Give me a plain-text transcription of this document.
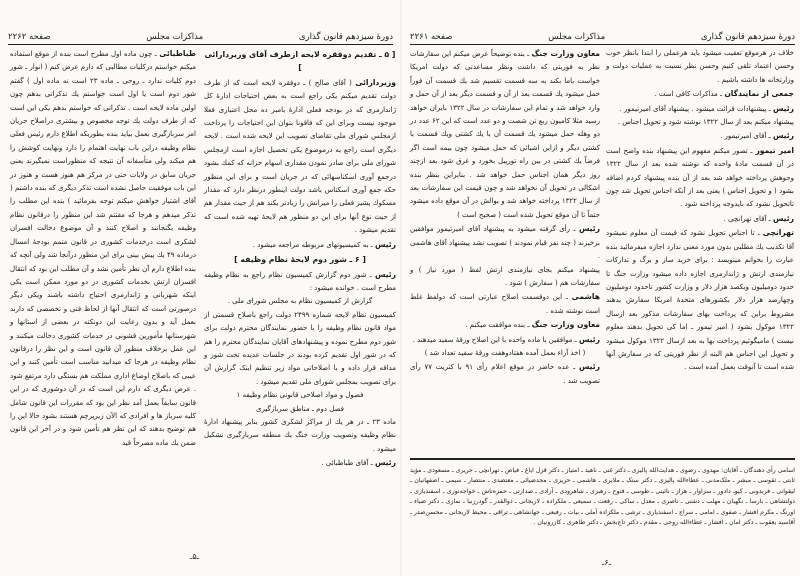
دورهٔ سیزدهم قانون گذاری
مذاکرات مجلس
صفحه ۲۲۶۲

[ ۵ ـ تقدیم دوفقره لایحه ازطرف آقای وزیردارائی ]

وزیردارائی ( آقای صالح ) ـ دوفقره لایحه است که از طرف دولت تقدیم میکنم یکی راجع است به بعض احتیاجات ادارهٔ کل ژاندارمری که در بودجه فعلی ادارهٔ بامبر ده محل اعتباری فعلا موجود نیست وبرای این که فاقونا بتوان این احتیاجات را پرداخت ازمجلس شورای ملی تقاضای تصویب این لایحه شده است . لایحه دیگری است راجع به درموضوع یکی تحصیل اجازه است ازمجلس شورای ملی برای صادر نمودن مقداری اسهام خزانه که کمك بشود درجمع آوری اسکناسهائی که در جریان است و برای این منظور حکه جمع آوری اسکناس باشد دولت اینطور درنظر دارد که مقدار مسکوك پشیز فعلی را میزانش را زیادتر بکند هم از حیث مقدار هم از حیث نوع آنها برای این دو منظور هم لایحهٔ تهیه شده است که تقدیم میشود .

رئیس ـ به کمیسیونهای مربوطه مراجعه میشود .

[ ۶ ـ شور دوم لایحهٔ نظام وظیفه ]

رئیس ـ شور دوم گزارش کمیسیون نظام راجع به نظام وظیفه مطرح است . خوانده میشود :

گزارش از کمیسیون نظام به مجلس شورای ملی .

کمیسیون نظام لایحه شماره ۲۴۹۹ دولت راجع باصلاح قسمتی از مواد قانون نظام وظیفه را با حضور نمایندگان محترم دولت برای شور دوم مطرح نموده و پیشنهادهای آقایان نمایندگان محترم را هم که در شور اول تقدیم کرده بودند در جلسات عدیده تحت شور و مداقه قرار داده و با اصلاحاتی مواد زیر تنظیم اینک گزارش آن برای تصویب بمجلس شورای ملی تقدیم میشود .

فصول و مواد اصلاحی قانونی نظام وظیفه ۱

فصل دوم ـ مناطق سربازگیری

ماده ۲۳ ـ در هر یك از مراکز لشکری کشور بنابر پیشنهاد ادارهٔ نظام وظیفه وتصویب وزارت جنگ یك منطقه سربازگیری تشکیل میشود .

رئیس ـ آقای طباطبائی .

طباطبائی ـ چون ماده اول مطرح است بنده از موقع استفاده میکنم خواستم درکلیات مطالبی که دارم عرض کنم ( انوار ـ شور دوم کلیات ندارد ـ روحی ـ ماده ۲۳ است نه ماده اول ) گفتم شور دوم است یا اول است خواستم یك تذکراتی بدهم چون اولین ماده لایحه است . تذکراتی که خواستم بدهم یکی این است که از طرف دولت یك توجه مخصوص و بیشتری دراصلاح جریان امر سربازگیری بعمل بیاید بنده بطوریکه اطلاع دارم رئیس فعلی نظام وظیفه دراین باب نهایت اهتمام را دارد ونهایت کوشش را هم میکند ولی متأسفانه آن نتیجه که منظوراست نمیگیرند یعنی جریان سابق در ولایات حتی در مرکز هم هنوز هست و هنوز در این باب موفقیت حاصل نشده است تذکر دیگری که بنده داشتم ( آقای اشتیار خواهش میکنم توجه بفرمائید ) بنده این مطلب را تذکر میدهم و هرجا که مفتتم شد این منظور را درقانون نظام وظیفه بگنجانند و اصلاح کنند و آن موضوع دخالت افسران لشکری است درخدمات کشوری در قانون متمم بودجهٔ امسال درماده ۴۹ یك پیش بینی برای این منظور درآنجا شد ولی آنچه که بنده اطلاع دارم آن نظر تأمین نشد و آن مطلب این بود که انتقال افسران ارتش بخدمات کشوری در دو مورد ممکن است یکی اینکه شهربانی و ژاندارمری احتیاج داشته باشند ویکی دیگر درصورتی است که انتقال آنها از لحاظ فنی و تخصصی که دارند بعمل آید و بدون رعایت این دونکته در بعضی از استانها و شهرستانها مأمورین قشونی در خدمات کشوری دخالت میکنند و این عمل برخلاف منظور آن قانون است و این نظر را درقانون نظام وظیفه در هرجا که میدانید مناسب است تأمین کنند و این عیبی که باصلاح اوضاع اداری مملکت هم بستگی دارد مرتفع شود . عرض دیگری که دارم این است که در آن دوشوری که در این قانون سابقاً بعمل آمد نظر این بود که مقررات این قانون شامل کلیه سرباز ها و افرادی که الآن زیرپرچم هستند بشود حالا این را هم توضیح بدهند که این نظر هم تأمین شود و در آخر این قانون ضمن یك ماده مصرحاً قید

ـ۵ـ
دورهٔ سیزدهم قانون گذاری
مذاکرات مجلس
صفحه ۲۲۶۱

خلاف در هرموقع تعقیب میشود باید هرعملی را ابتدا بانظر خوب وحسن اعتماد تلقی کنیم وحسن نظر نسبت به عملیات دولت و وزارتخانه ها داشته باشیم .

جمعی از نمایندگان ـ مذاکرات کافی است .

رئیس ـ پیشنهادات قرائت میشود . پیشنهاد آقای امیرتیمور .

پیشنهاد میکنم بعد از سال ۱۳۲۲ نوشته شود و تحویل اجناس .

رئیس ـ آقای امیرتیمور .

امیر تیمور ـ تصور میکنم مفهوم این پیشنهاد بنده واضح است در آن قسمت مادهٔ واحده که نوشته شده بعد از سال ۱۳۲۲ وجوهش پرداخته خواهد شد بعد از آن بنده پیشنهاد کردم اضافه بشود ( و تحویل اجناس ) یعنی بعد از آنکه اجناس تحویل شد چون تاتحویل نشود که بایدوجه پرداخته شود .

رئیس ـ آقای تهرانچی .

تهرانچی ـ تا اجناس تحویل نشود که قیمت آن معلوم نمیشود آقا تکذیب یك مطلبی بدون مورد معنی ندارد اجازه میفرمائید بنده عبارت را بخوانم مینویسد : برای خرید ساز و برگ و تدارکات نیازمندی ارتش و ژاندارمری اجازه داده میشود وزارت جنگ تا حدود دومیلیون ویکصد هزار دلار و وزارت کشور تاحدود دومیلیون وچهارصد هزار دلار بکشورهای متحدهٔ امریکا سفارش بدهند مشروط براین که پرداخت بهای سفارشات مذکور بعد ازسال ۱۳۲۲ موکول بشود ( امیر تیمور ـ اما کی تحویل بدهند معلوم نیست ) مامیگوئیم پرداخت بها به بعد ازسال ۱۳۲۲ موکول میشود و تحویل این اجناس هم البته از نظر فوریتی که در سفارش آنها شده است تا آنوقت بعمل آمده است .

معاون وزارت جنگ ـ بنده توضیحاً عرض میکنم این سفارشات نظر به فوریتی که داشت ونظر مساعدتی که دولت امریکا خواست باما بکند به سه قسمت تقسیم شد یك قسمت آن فوراً حمل میشود یك قسمت بعد از آن و قسمت دیگر بعد از آن حمل و وارد خواهد شد و تمام این سفارشات در سال ۱۳۲۲ بایران خواهد رسید مثلا کامیون ربع تن شصت و دو عدد است که این ۶۲ عدد در دو وهله حمل میشود یك قسمت آن با یك کشتی ویك قسمت با کشتی دیگر و ازاین اشیائی که حمل میشود چون بیمه است اگر فرضاً یك کشتی در بین راه تورپیل بخورد و غرق شود بعد ازچند روز دیگر همان اجناس حمل خواهد شد . بنابراین بنظر بنده اشکالی در تحویل آن نخواهد شد و چون قیمت این سفارشات بعد از سال ۱۳۲۲ پرداخته خواهد شد و بوالش در آن موقع داده میشود حتماً تا آن موقع تحویل شده است ( صحیح است )

رئیس ـ رأی گرفته میشود به پیشنهاد آقای امیرتیمور موافقین برخیزند ( چند نفر قیام نمودند ) تصویب نشد پیشنهاد آقای هاشمی .

پیشنهاد میکنم بجای نیازمندی ارتش لفظ ( مورد نیاز ) و سفارشات هم ( سفارش ) شود .

هاشمی ـ این دوقسمت اصلاح عبارتی است که دولفظ غلط است نوشته شده .

معاون وزارت جنگ ـ بنده موافقت میکنم .

رئیس ـ موافقین با ماده واحده با این اصلاح ورقهٔ سفید میدهند .

( اخذ آراء بعمل آمده هفتادوهفت ورقهٔ سفید تعداد شد )

رئیس ـ عده حاضر در موقع اعلام رأی ۹۱ با کثریت ۷۷ رأی تصویب شد .

اسامی رأی دهندگان ـ آقایان: مهدوی ـ رضوی ـ هدایت‌الله پالیزی ـ دکتر غنی ـ ناهید ـ امتیاز ـ دکتر قزل ایاغ ـ فیاض ـ تهرانچی ـ حریری ـ مسعودی ـ مؤید ثابتی ـ ثقوسی ـ مبشر ـ ملک‌مدنی ـ عطاءالله پالیزی ـ دکتر سنک ـ ملایری ـ هاشمی ـ حزیزی ـ مجدضیائی ـ معتضدی ـ منتصار ـ سیمی ـ اصفهانیان ـ لیقوانی ـ فربدونی ـ کیوـ دادور ـ سزاوار ـ هراز ـ نائینی ـ طوسی ـ فتوح ـ رهبری ـ شاهرودی ـ آزادی ـ صدارتی ـ حمزه‌تاش ـ خواجه‌نوری ـ اسفندیاری ـ دولتشاهی ـ بارسا ـ نگهبان ـ مهلب ـ دشتی ـ ناصری ـ معدل ـ ساکی ـ رفعت ـ سمیعی ـ ملکزاده ـ لاریجانی ـ ذوالقدر ـ گودرزنیا ـ نمازی ـ دکتر ضیاء ـ اورنگ ـ مکرم افشار ـ صفوی ـ امامی ـ سرا‌ج ـ اسفندیاری ـ ترشی ـ ملکزاده آملی ـ بیات ـ رفیعی ـ جهانشاهی ـ تراقی ـ محیط لاریجانی ـ محسن‌صدر ـ آقاسید یعقوب ـ دکتر امان ـ افشار ـ عطاءالله روحی ـ مقدم ـ دکتر تاج‌بخش ـ دکتر طاهری ـ کازرونیان .
ـ۶ـ
